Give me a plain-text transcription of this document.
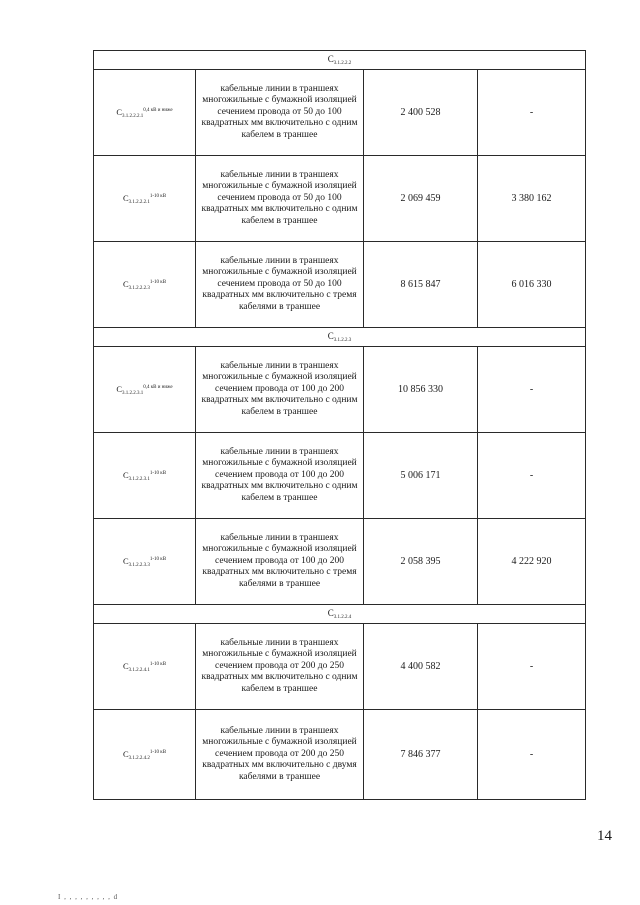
$С_{3.1.2.2.2}$
$С_{3.1.2.2.2.1}^{0,4 кВ и ниже}$	кабельные линии в траншеях многожильные с бумажной изоляцией сечением провода от 50 до 100 квадратных мм включительно с одним кабелем в траншее	2 400 528	-
$С_{3.1.2.2.2.1}^{1-10 кВ}$	кабельные линии в траншеях многожильные с бумажной изоляцией сечением провода от 50 до 100 квадратных мм включительно с одним кабелем в траншее	2 069 459	3 380 162
$С_{3.1.2.2.2.3}^{1-10 кВ}$	кабельные линии в траншеях многожильные с бумажной изоляцией сечением провода от 50 до 100 квадратных мм включительно с тремя кабелями в траншее	8 615 847	6 016 330
$С_{3.1.2.2.3}$
$С_{3.1.2.2.3.1}^{0,4 кВ и ниже}$	кабельные линии в траншеях многожильные с бумажной изоляцией сечением провода от 100 до 200 квадратных мм включительно с одним кабелем в траншее	10 856 330	-
$С_{3.1.2.2.3.1}^{1-10 кВ}$	кабельные линии в траншеях многожильные с бумажной изоляцией сечением провода от 100 до 200 квадратных мм включительно с одним кабелем в траншее	5 006 171	-
$С_{3.1.2.2.3.3}^{1-10 кВ}$	кабельные линии в траншеях многожильные с бумажной изоляцией сечением провода от 100 до 200 квадратных мм включительно с тремя кабелями в траншее	2 058 395	4 222 920
$С_{3.1.2.2.4}$
$С_{3.1.2.2.4.1}^{1-10 кВ}$	кабельные линии в траншеях многожильные с бумажной изоляцией сечением провода от 200 до 250 квадратных мм включительно с одним кабелем в траншее	4 400 582	-
$С_{3.1.2.2.4.2}^{1-10 кВ}$	кабельные линии в траншеях многожильные с бумажной изоляцией сечением провода от 200 до 250 квадратных мм включительно с двумя кабелями в траншее	7 846 377	-
14
I , , , , , , , , , d
